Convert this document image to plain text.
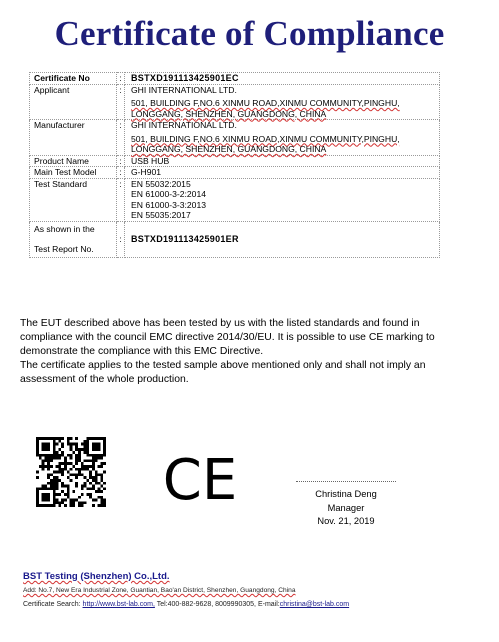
Certificate of Compliance
Certificate No	:	BSTXD191113425901EC
Applicant	:	GHI INTERNATIONAL LTD.
501, BUILDING F,NO.6 XINMU ROAD,XINMU COMMUNITY,PINGHU, LONGGANG, SHENZHEN, GUANGDONG, CHINA

Manufacturer	:	GHI INTERNATIONAL LTD.
501, BUILDING F,NO.6 XINMU ROAD,XINMU COMMUNITY,PINGHU, LONGGANG, SHENZHEN, GUANGDONG, CHINA

Product Name	:	USB HUB
Main Test Model	:	G-H901
Test Standard	:	EN 55032:2015
EN 61000-3-2:2014
EN 61000-3-3:2013
EN 55035:2017

As shown in the
Test Report No.	:	BSTXD191113425901ER

The EUT described above has been tested by us with the listed standards and found in compliance with the council EMC directive 2014/30/EU. It is possible to use CE marking to demonstrate the compliance with this EMC Directive.

The certificate applies to the tested sample above mentioned only and shall not imply an assessment of the whole production.

CE	Christina Deng
Manager
Nov. 21, 2019
BST Testing (Shenzhen) Co.,Ltd.
Add: No.7, New Era Industrial Zone, Guantian, Bao'an District, Shenzhen, Guangdong, China
Certificate Search: http://www.bst-lab.com, Tel:400-882-9628, 8009990305, E-mail:christina@bst-lab.com
